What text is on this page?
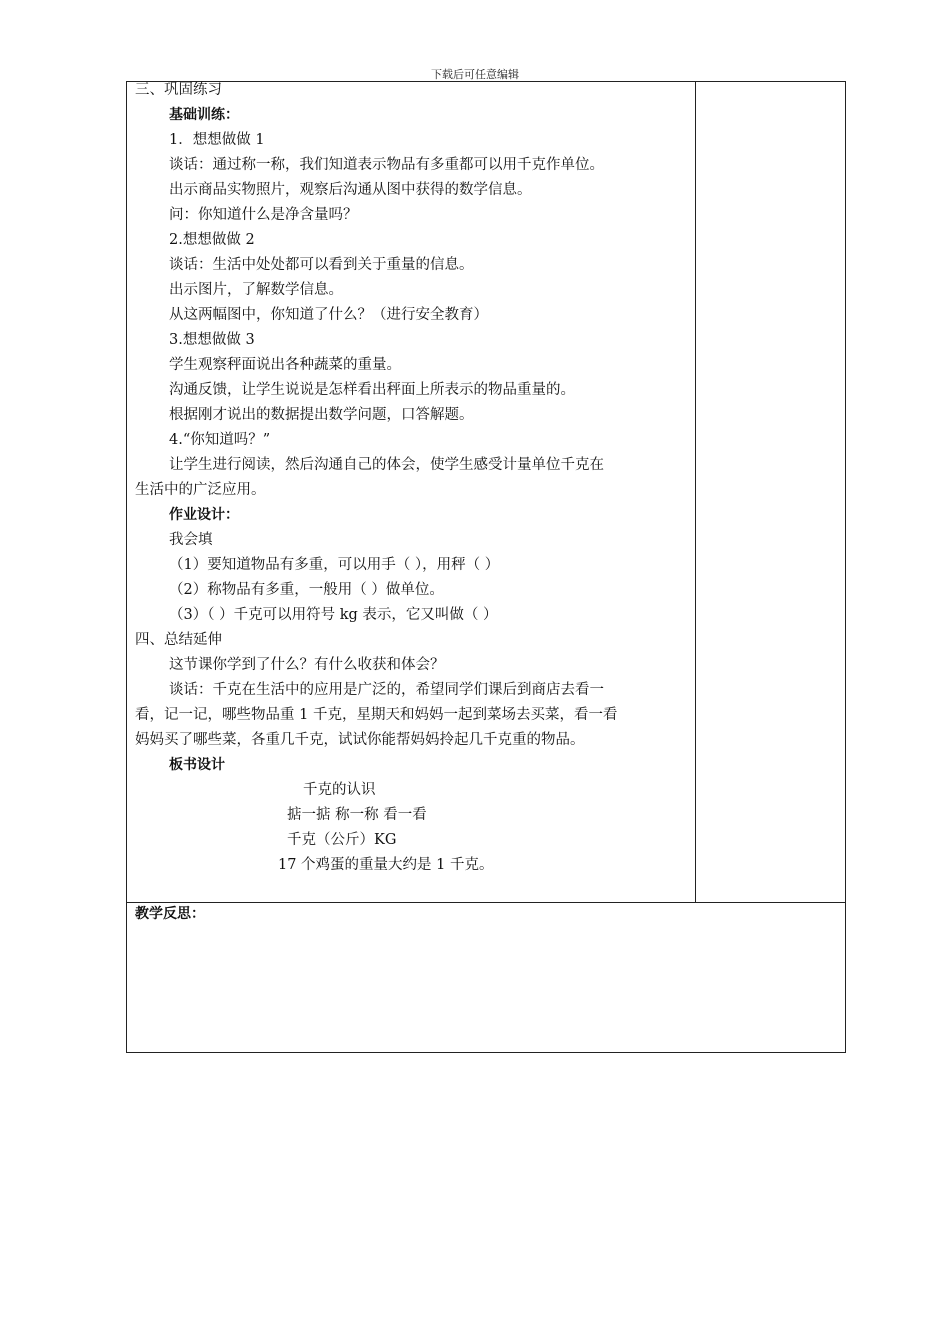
下载后可任意编辑
三、巩固练习
基础训练：
1．想想做做 1
谈话：通过称一称，我们知道表示物品有多重都可以用千克作单位。
出示商品实物照片，观察后沟通从图中获得的数学信息。
问：你知道什么是净含量吗？
2.想想做做 2
谈话：生活中处处都可以看到关于重量的信息。
出示图片，了解数学信息。
从这两幅图中，你知道了什么？（进行安全教育）
3.想想做做 3
学生观察秤面说出各种蔬菜的重量。
沟通反馈，让学生说说是怎样看出秤面上所表示的物品重量的。
根据刚才说出的数据提出数学问题，口答解题。
4.“你知道吗？”
让学生进行阅读，然后沟通自己的体会，使学生感受计量单位千克在
生活中的广泛应用。
作业设计：
我会填
（1）要知道物品有多重，可以用手（ ），用秤（ ）
（2）称物品有多重，一般用（ ）做单位。
（3）（ ）千克可以用符号 kg 表示，它又叫做（ ）
四、总结延伸
这节课你学到了什么？有什么收获和体会？
谈话：千克在生活中的应用是广泛的，希望同学们课后到商店去看一
看，记一记，哪些物品重 1 千克，星期天和妈妈一起到菜场去买菜，看一看
妈妈买了哪些菜，各重几千克，试试你能帮妈妈拎起几千克重的物品。
板书设计
千克的认识
掂一掂 称一称 看一看
千克（公斤）KG
17 个鸡蛋的重量大约是 1 千克。
教学反思：
